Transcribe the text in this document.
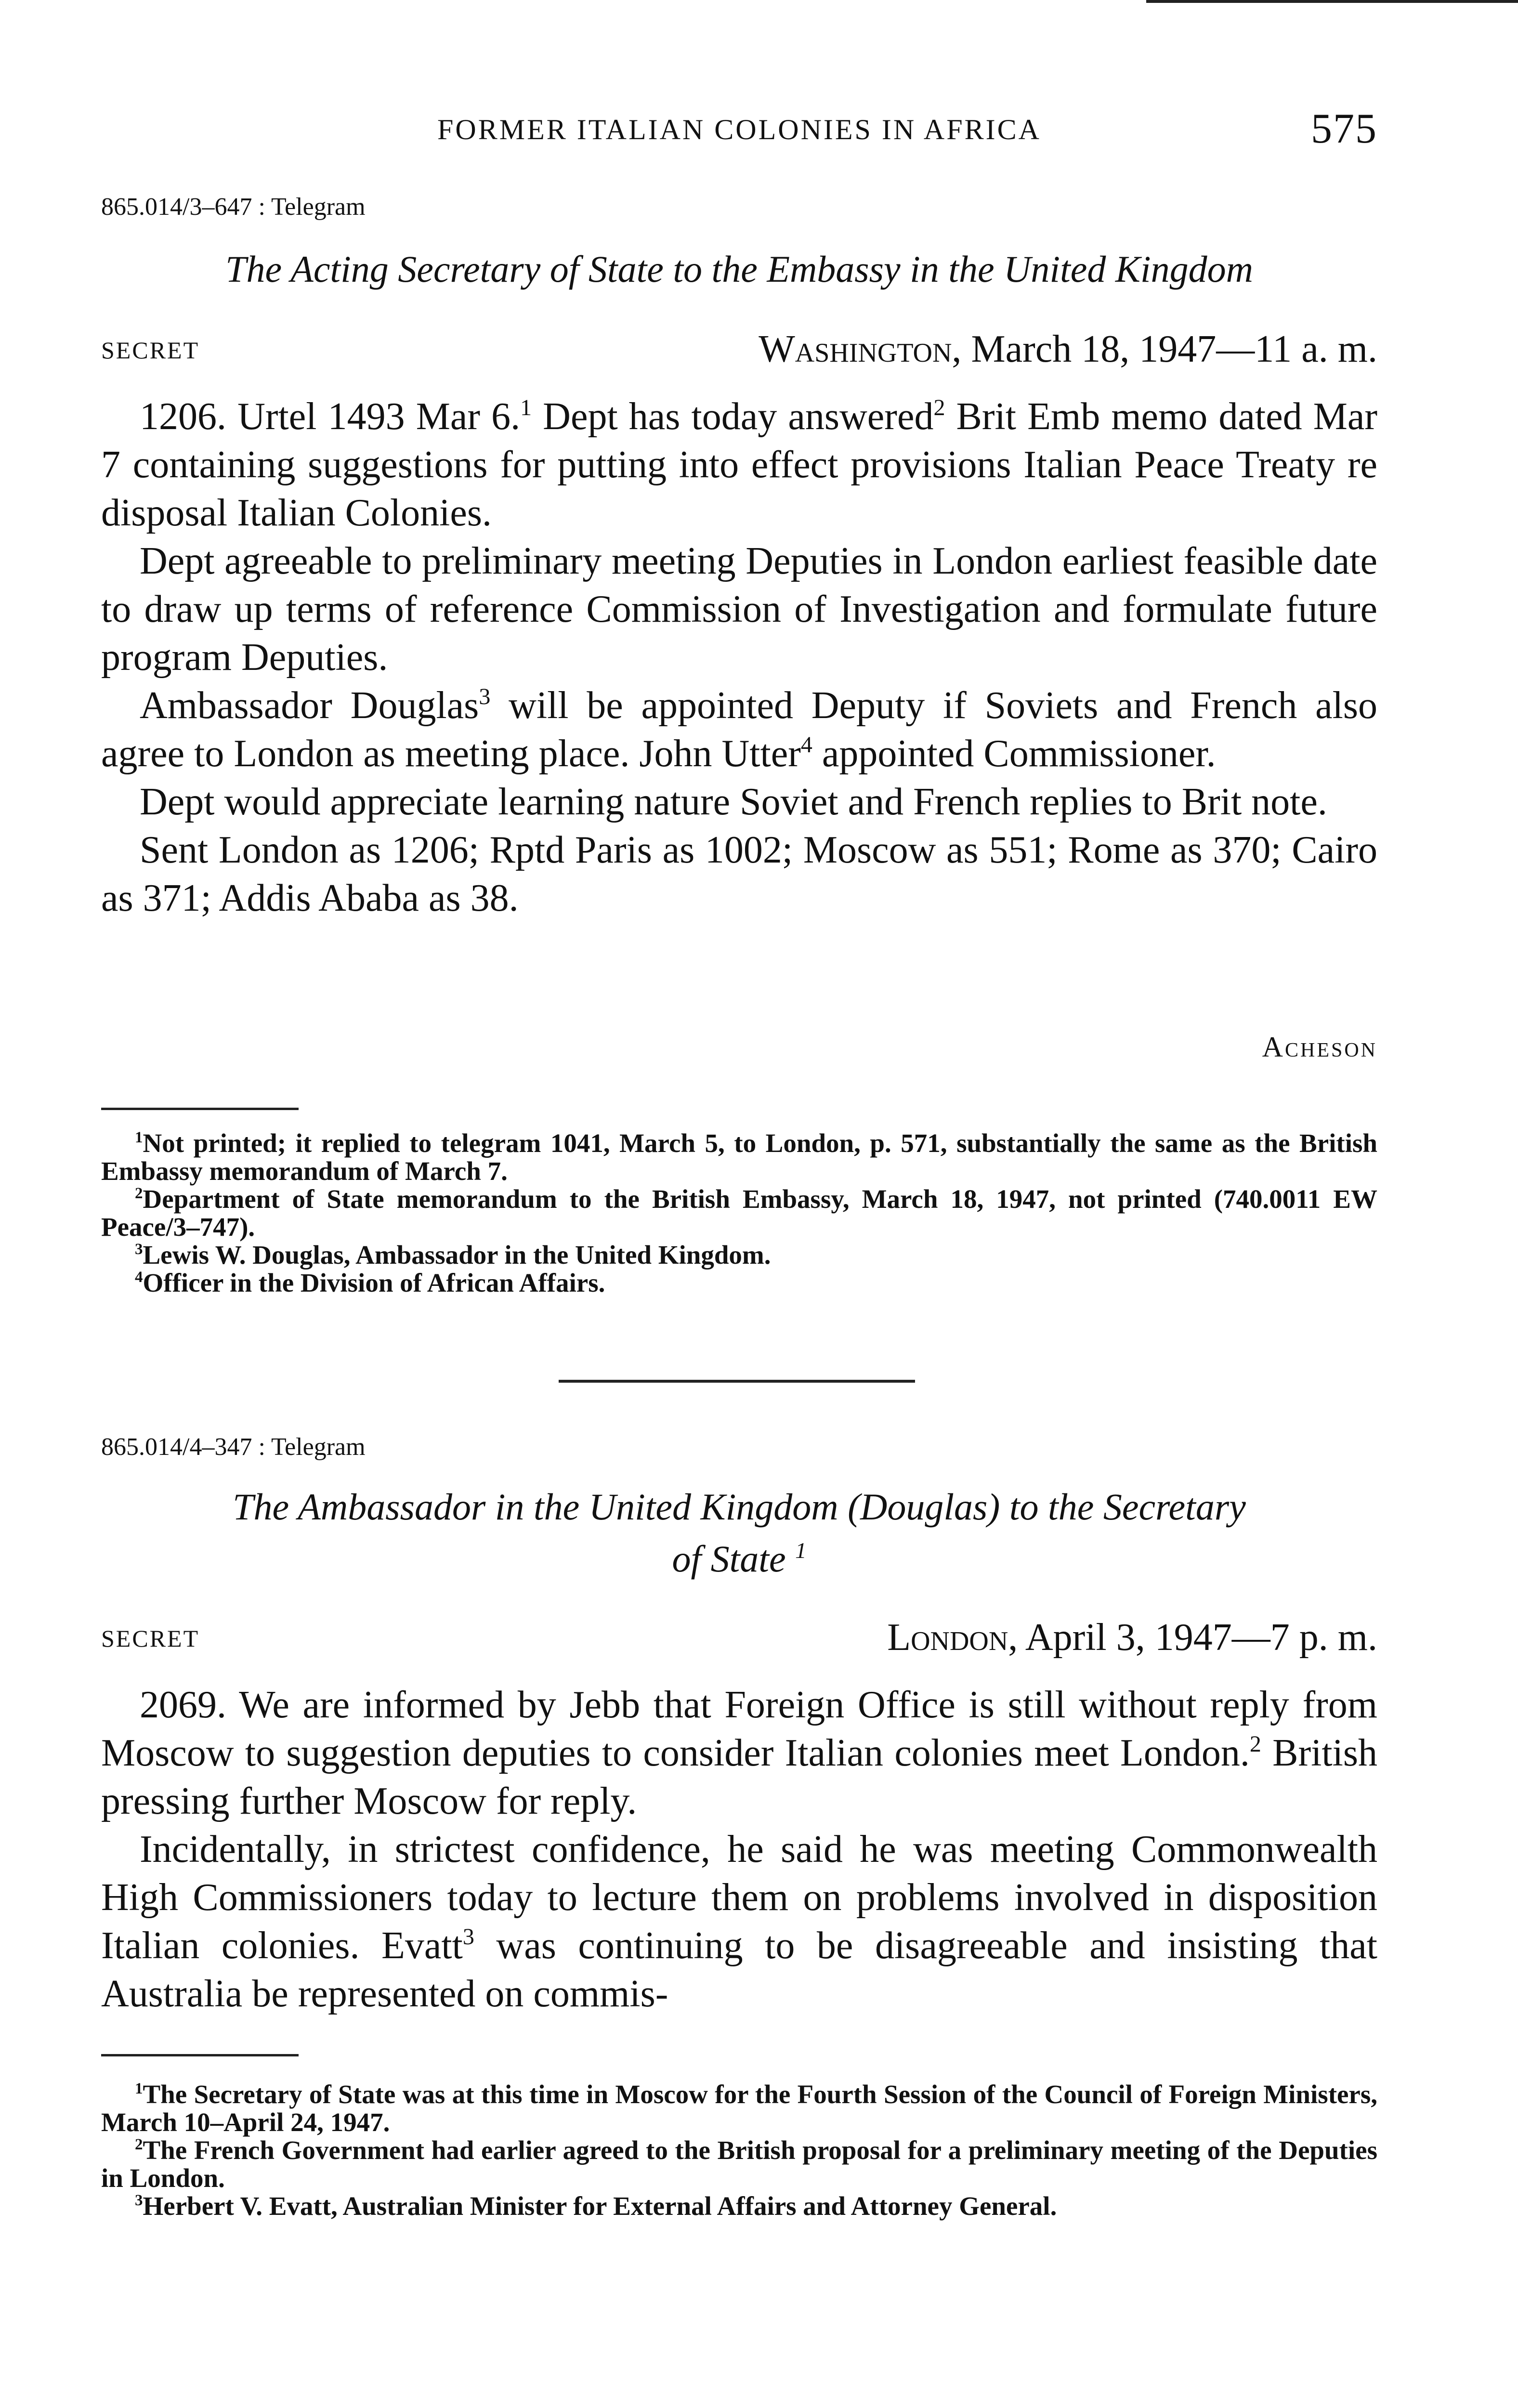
FORMER ITALIAN COLONIES IN AFRICA	575
865.014/3–647 : Telegram
The Acting Secretary of State to the Embassy in the United Kingdom
SECRET	Washington, March 18, 1947—11 a. m.

1206. Urtel 1493 Mar 6.$^1$ Dept has today answered$^2$ Brit Emb memo dated Mar 7 containing suggestions for putting into effect provisions Italian Peace Treaty re disposal Italian Colonies.

Dept agreeable to preliminary meeting Deputies in London earliest feasible date to draw up terms of reference Commission of Investigation and formulate future program Deputies.

Ambassador Douglas$^3$ will be appointed Deputy if Soviets and French also agree to London as meeting place. John Utter$^4$ appointed Commissioner.

Dept would appreciate learning nature Soviet and French replies to Brit note.

Sent London as 1206; Rptd Paris as 1002; Moscow as 551; Rome as 370; Cairo as 371; Addis Ababa as 38.

Acheson

$^1$Not printed; it replied to telegram 1041, March 5, to London, p. 571, substantially the same as the British Embassy memorandum of March 7.

$^2$Department of State memorandum to the British Embassy, March 18, 1947, not printed (740.0011 EW Peace/3–747).

$^3$Lewis W. Douglas, Ambassador in the United Kingdom.

$^4$Officer in the Division of African Affairs.

865.014/4–347 : Telegram
The Ambassador in the United Kingdom (Douglas) to the Secretary
of State $^1$
SECRET	London, April 3, 1947—7 p. m.

2069. We are informed by Jebb that Foreign Office is still without reply from Moscow to suggestion deputies to consider Italian colonies meet London.$^2$ British pressing further Moscow for reply.

Incidentally, in strictest confidence, he said he was meeting Commonwealth High Commissioners today to lecture them on problems involved in disposition Italian colonies. Evatt$^3$ was continuing to be disagreeable and insisting that Australia be represented on commis-

$^1$The Secretary of State was at this time in Moscow for the Fourth Session of the Council of Foreign Ministers, March 10–April 24, 1947.

$^2$The French Government had earlier agreed to the British proposal for a preliminary meeting of the Deputies in London.

$^3$Herbert V. Evatt, Australian Minister for External Affairs and Attorney General.
